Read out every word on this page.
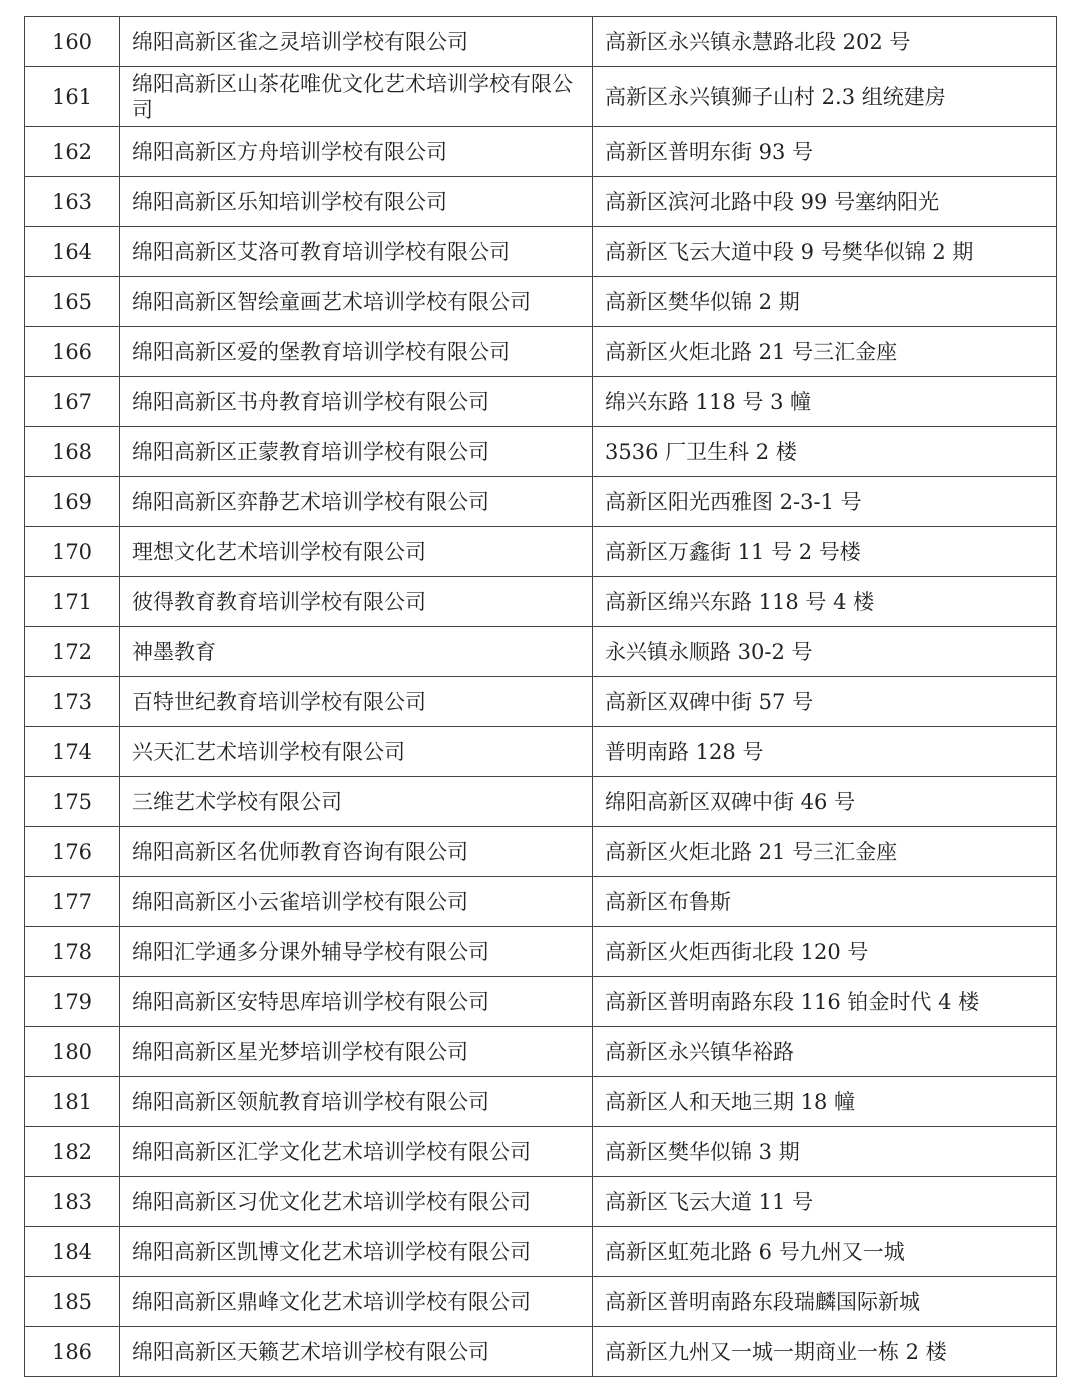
160	绵阳高新区雀之灵培训学校有限公司	高新区永兴镇永慧路北段 202 号
161	绵阳高新区山茶花唯优文化艺术培训学校有限公司	高新区永兴镇狮子山村 2.3 组统建房
162	绵阳高新区方舟培训学校有限公司	高新区普明东街 93 号
163	绵阳高新区乐知培训学校有限公司	高新区滨河北路中段 99 号塞纳阳光
164	绵阳高新区艾洛可教育培训学校有限公司	高新区飞云大道中段 9 号樊华似锦 2 期
165	绵阳高新区智绘童画艺术培训学校有限公司	高新区樊华似锦 2 期
166	绵阳高新区爱的堡教育培训学校有限公司	高新区火炬北路 21 号三汇金座
167	绵阳高新区书舟教育培训学校有限公司	绵兴东路 118 号 3 幢
168	绵阳高新区正蒙教育培训学校有限公司	3536 厂卫生科 2 楼
169	绵阳高新区弈静艺术培训学校有限公司	高新区阳光西雅图 2-3-1 号
170	理想文化艺术培训学校有限公司	高新区万鑫街 11 号 2 号楼
171	彼得教育教育培训学校有限公司	高新区绵兴东路 118 号 4 楼
172	神墨教育	永兴镇永顺路 30-2 号
173	百特世纪教育培训学校有限公司	高新区双碑中街 57 号
174	兴天汇艺术培训学校有限公司	普明南路 128 号
175	三维艺术学校有限公司	绵阳高新区双碑中街 46 号
176	绵阳高新区名优师教育咨询有限公司	高新区火炬北路 21 号三汇金座
177	绵阳高新区小云雀培训学校有限公司	高新区布鲁斯
178	绵阳汇学通多分课外辅导学校有限公司	高新区火炬西街北段 120 号
179	绵阳高新区安特思库培训学校有限公司	高新区普明南路东段 116 铂金时代 4 楼
180	绵阳高新区星光梦培训学校有限公司	高新区永兴镇华裕路
181	绵阳高新区领航教育培训学校有限公司	高新区人和天地三期 18 幢
182	绵阳高新区汇学文化艺术培训学校有限公司	高新区樊华似锦 3 期
183	绵阳高新区习优文化艺术培训学校有限公司	高新区飞云大道 11 号
184	绵阳高新区凯博文化艺术培训学校有限公司	高新区虹苑北路 6 号九州又一城
185	绵阳高新区鼎峰文化艺术培训学校有限公司	高新区普明南路东段瑞麟国际新城
186	绵阳高新区天籁艺术培训学校有限公司	高新区九州又一城一期商业一栋 2 楼
